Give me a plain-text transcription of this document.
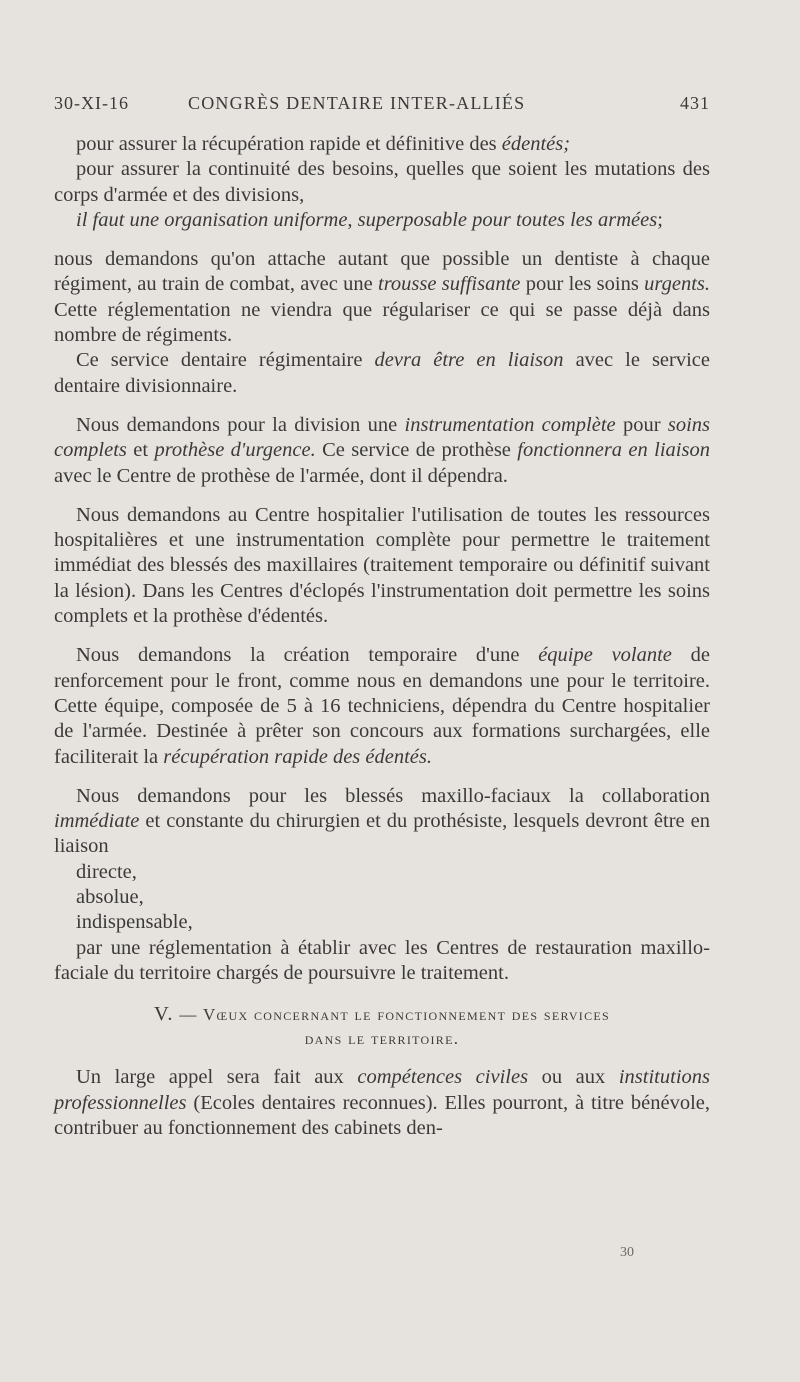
30-XI-16	CONGRÈS DENTAIRE INTER-ALLIÉS	431

pour assurer la récupération rapide et définitive des édentés;

pour assurer la continuité des besoins, quelles que soient les mutations des corps d'armée et des divisions,

il faut une organisation uniforme, superposable pour toutes les armées;

nous demandons qu'on attache autant que possible un dentiste à chaque régiment, au train de combat, avec une trousse suffisante pour les soins urgents. Cette réglementation ne viendra que régulariser ce qui se passe déjà dans nombre de régiments.

Ce service dentaire régimentaire devra être en liaison avec le service dentaire divisionnaire.

Nous demandons pour la division une instrumentation complète pour soins complets et prothèse d'urgence. Ce service de prothèse fonctionnera en liaison avec le Centre de prothèse de l'armée, dont il dépendra.

Nous demandons au Centre hospitalier l'utilisation de toutes les ressources hospitalières et une instrumentation complète pour permettre le traitement immédiat des blessés des maxillaires (traitement temporaire ou définitif suivant la lésion). Dans les Centres d'éclopés l'instrumentation doit permettre les soins complets et la prothèse d'édentés.

Nous demandons la création temporaire d'une équipe volante de renforcement pour le front, comme nous en demandons une pour le territoire. Cette équipe, composée de 5 à 16 techniciens, dépendra du Centre hospitalier de l'armée. Destinée à prêter son concours aux formations surchargées, elle faciliterait la récupération rapide des édentés.

Nous demandons pour les blessés maxillo-faciaux la collaboration immédiate et constante du chirurgien et du prothésiste, lesquels devront être en liaison

directe,

absolue,

indispensable,

par une réglementation à établir avec les Centres de restauration maxillo-faciale du territoire chargés de poursuivre le traitement.

V. — Vœux concernant le fonctionnement des services
dans le territoire.

Un large appel sera fait aux compétences civiles ou aux institutions professionnelles (Ecoles dentaires reconnues). Elles pourront, à titre bénévole, contribuer au fonctionnement des cabinets den-

30
